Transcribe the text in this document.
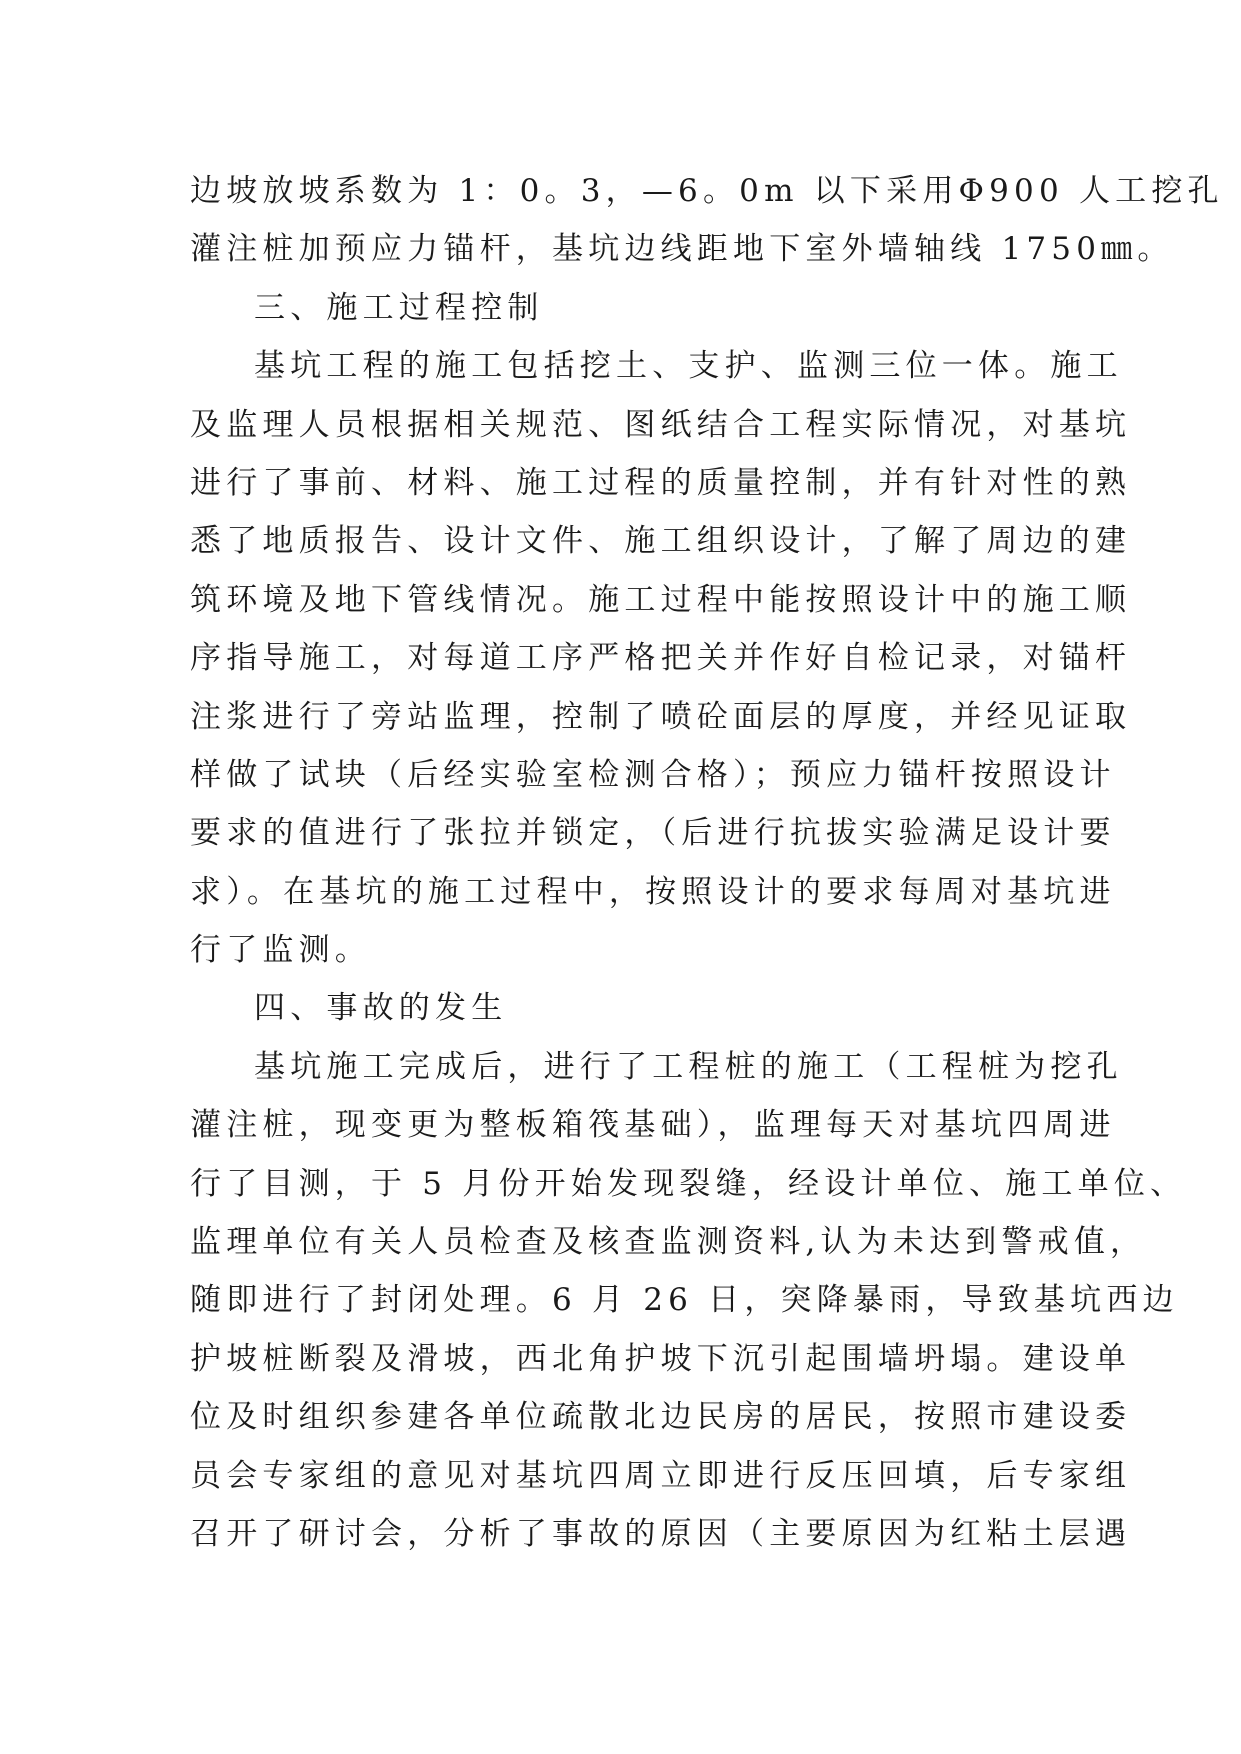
边坡放坡系数为 1：0。3，—6。0m 以下采用Φ900 人工挖孔
灌注桩加预应力锚杆，基坑边线距地下室外墙轴线 1750㎜。
三、施工过程控制
基坑工程的施工包括挖土、支护、监测三位一体。施工
及监理人员根据相关规范、图纸结合工程实际情况，对基坑
进行了事前、材料、施工过程的质量控制，并有针对性的熟
悉了地质报告、设计文件、施工组织设计，了解了周边的建
筑环境及地下管线情况。施工过程中能按照设计中的施工顺
序指导施工，对每道工序严格把关并作好自检记录，对锚杆
注浆进行了旁站监理，控制了喷砼面层的厚度，并经见证取
样做了试块（后经实验室检测合格）；预应力锚杆按照设计
要求的值进行了张拉并锁定，（后进行抗拔实验满足设计要
求）。在基坑的施工过程中，按照设计的要求每周对基坑进
行了监测。
四、事故的发生
基坑施工完成后，进行了工程桩的施工（工程桩为挖孔
灌注桩，现变更为整板箱筏基础），监理每天对基坑四周进
行了目测，于 5 月份开始发现裂缝，经设计单位、施工单位、
监理单位有关人员检查及核查监测资料,认为未达到警戒值，
随即进行了封闭处理。6 月 26 日，突降暴雨，导致基坑西边
护坡桩断裂及滑坡，西北角护坡下沉引起围墙坍塌。建设单
位及时组织参建各单位疏散北边民房的居民，按照市建设委
员会专家组的意见对基坑四周立即进行反压回填，后专家组
召开了研讨会，分析了事故的原因（主要原因为红粘土层遇
